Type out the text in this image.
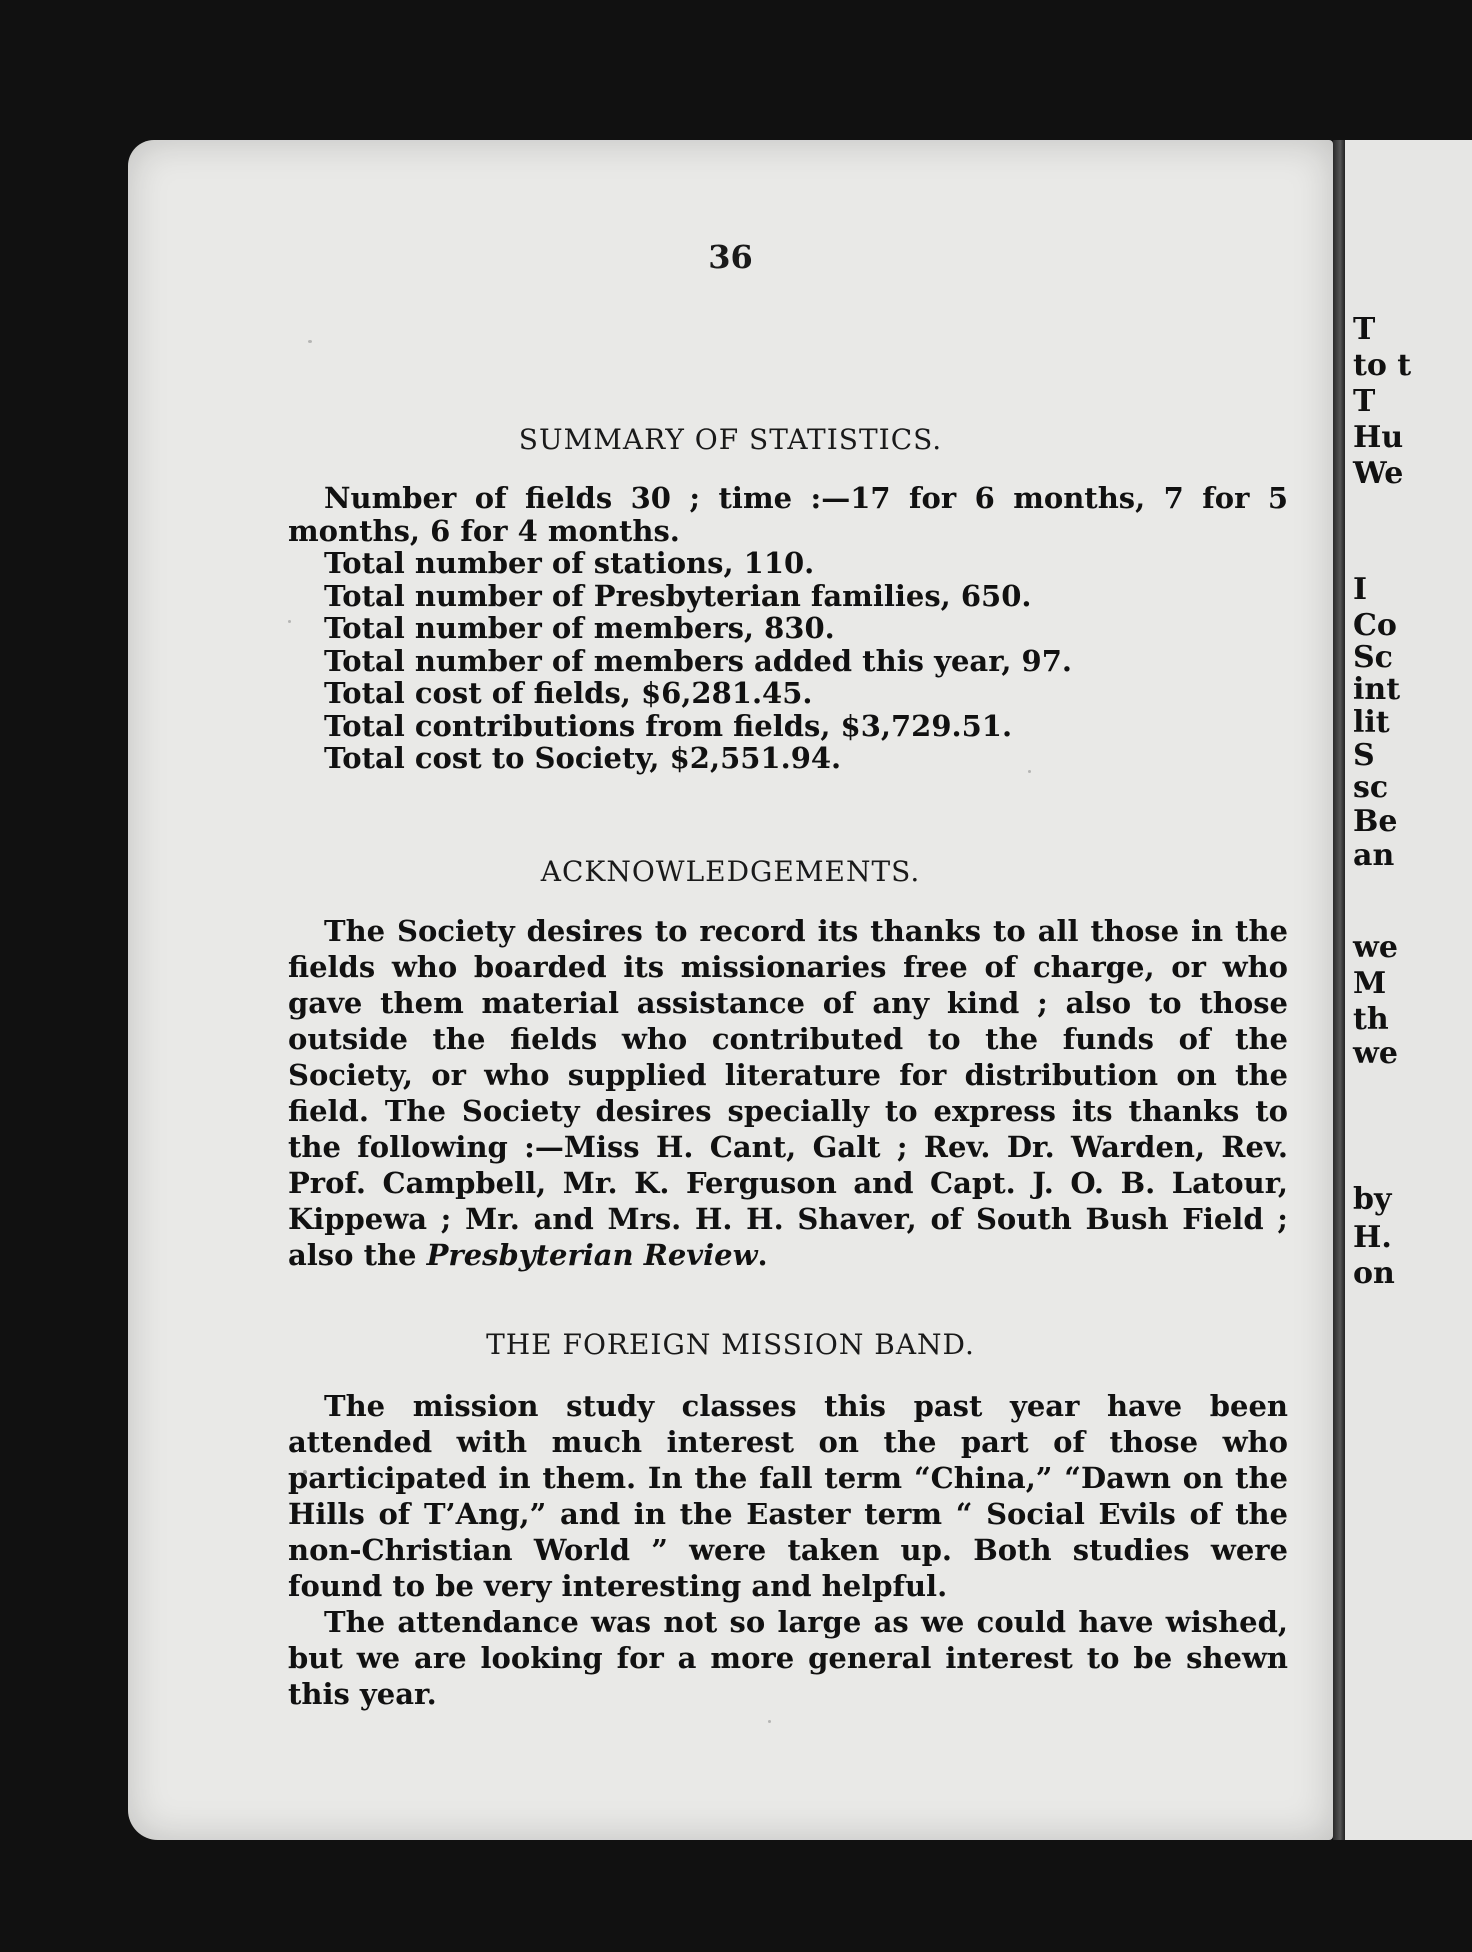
36
SUMMARY OF STATISTICS.
Number of fields 30 ; time :—17 for 6 months, 7 for 5 months, 6 for 4 months.
Total number of stations, 110.
Total number of Presbyterian families, 650.
Total number of members, 830.
Total number of members added this year, 97.
Total cost of fields, $6,281.45.
Total contributions from fields, $3,729.51.
Total cost to Society, $2,551.94.
ACKNOWLEDGEMENTS.

The Society desires to record its thanks to all those in the fields who boarded its missionaries free of charge, or who gave them material assistance of any kind ; also to those outside the fields who contributed to the funds of the Society, or who supplied literature for distribution on the field. The Society desires specially to express its thanks to the following :—Miss H. Cant, Galt ; Rev. Dr. Warden, Rev. Prof. Campbell, Mr. K. Ferguson and Capt. J. O. B. Latour, Kippewa ; Mr. and Mrs. H. H. Shaver, of South Bush Field ; also the Presbyterian Review.

THE FOREIGN MISSION BAND.

The mission study classes this past year have been attended with much interest on the part of those who participated in them. In the fall term “China,” “Dawn on the Hills of T’Ang,” and in the Easter term “ Social Evils of the non-Christian World ” were taken up. Both studies were found to be very interesting and helpful.

The attendance was not so large as we could have wished, but we are looking for a more general interest to be shewn this year.

T
to t
T
Hu
We
I
Co
Sc
int
lit
S
sc
Be
an
we
M
th
we
by
H.
on
